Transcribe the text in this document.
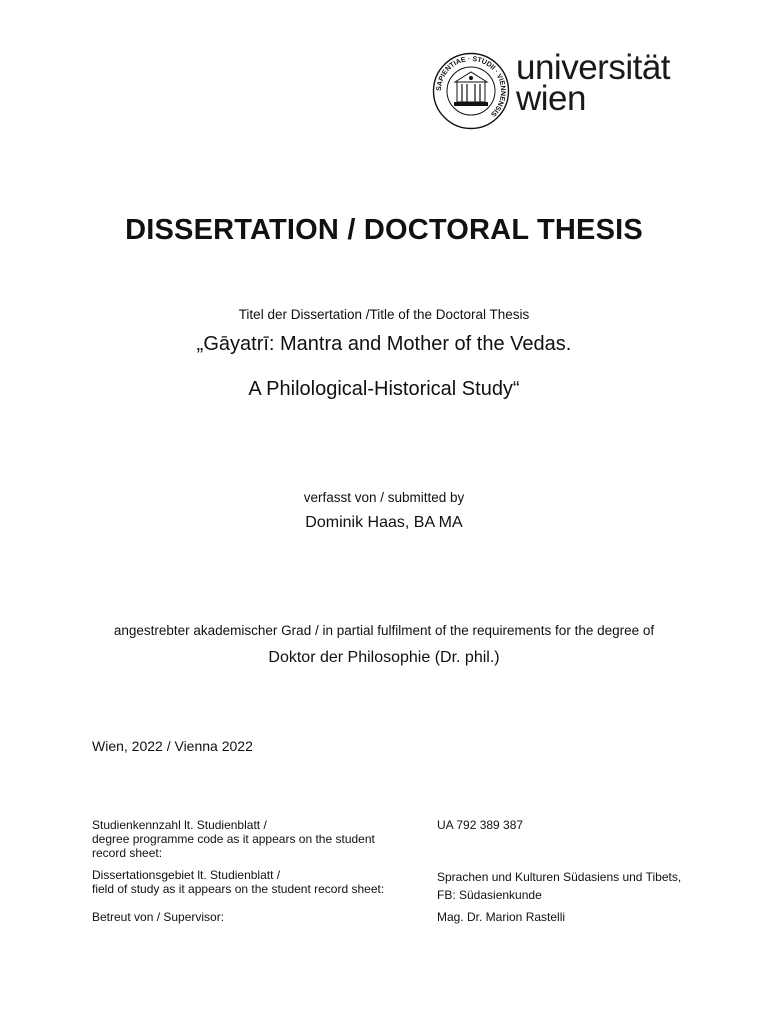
SAPIENTIAE · STUDII · VIENNENSIS
universität
wien
DISSERTATION / DOCTORAL THESIS
Titel der Dissertation /Title of the Doctoral Thesis
„Gāyatrī: Mantra and Mother of the Vedas.
A Philological-Historical Study“
verfasst von / submitted by
Dominik Haas, BA MA
angestrebter akademischer Grad / in partial fulfilment of the requirements for the degree of
Doktor der Philosophie (Dr. phil.)
Wien, 2022 / Vienna 2022
Studienkennzahl lt. Studienblatt /
degree programme code as it appears on the student
record sheet:
UA 792 389 387
Dissertationsgebiet lt. Studienblatt /
field of study as it appears on the student record sheet:
Sprachen und Kulturen Südasiens und Tibets,
FB: Südasienkunde
Betreut von / Supervisor:	Mag. Dr. Marion Rastelli
